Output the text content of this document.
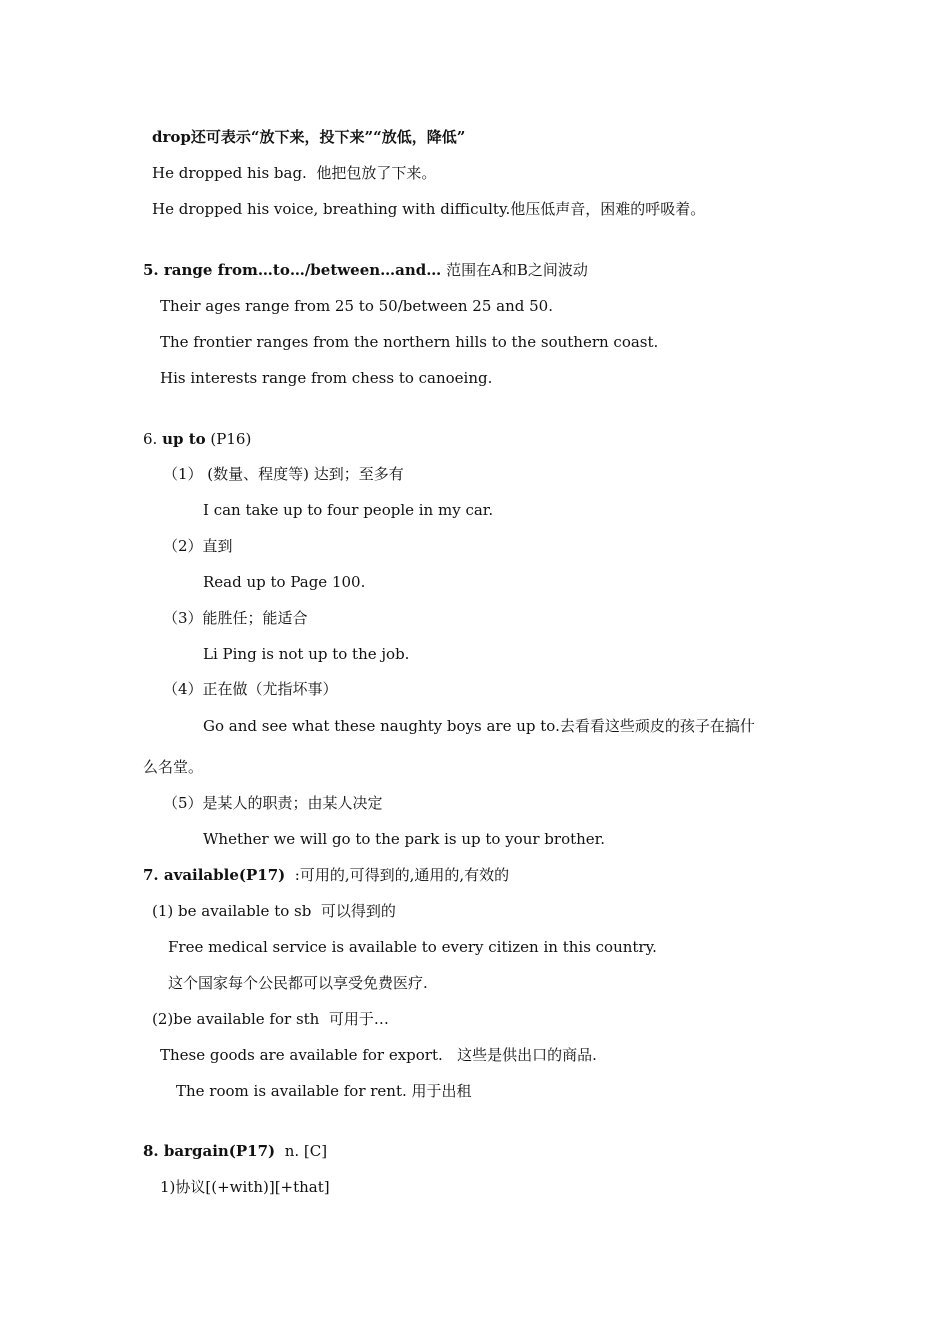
drop还可表示“放下来，投下来”“放低，降低”
He dropped his bag.  他把包放了下来。
He dropped his voice, breathing with difficulty.他压低声音，困难的呼吸着。
5. range from…to…/between…and… 范围在A和B之间波动
Their ages range from 25 to 50/between 25 and 50.
The frontier ranges from the northern hills to the southern coast.
His interests range from chess to canoeing.
6. up to (P16)
（1） (数量、程度等) 达到；至多有
I can take up to four people in my car.
（2）直到
Read up to Page 100.
（3）能胜任；能适合
Li Ping is not up to the job.
（4）正在做（尤指坏事）
Go and see what these naughty boys are up to.去看看这些顽皮的孩子在搞什
么名堂。
（5）是某人的职责；由某人决定
Whether we will go to the park is up to your brother.
7. available(P17)  :可用的,可得到的,通用的,有效的
(1) be available to sb  可以得到的
Free medical service is available to every citizen in this country.
这个国家每个公民都可以享受免费医疗.
(2)be available for sth  可用于…
These goods are available for export.   这些是供出口的商品.
The room is available for rent. 用于出租
8. bargain(P17)  n. [C]
1)协议[(+with)][+that]
